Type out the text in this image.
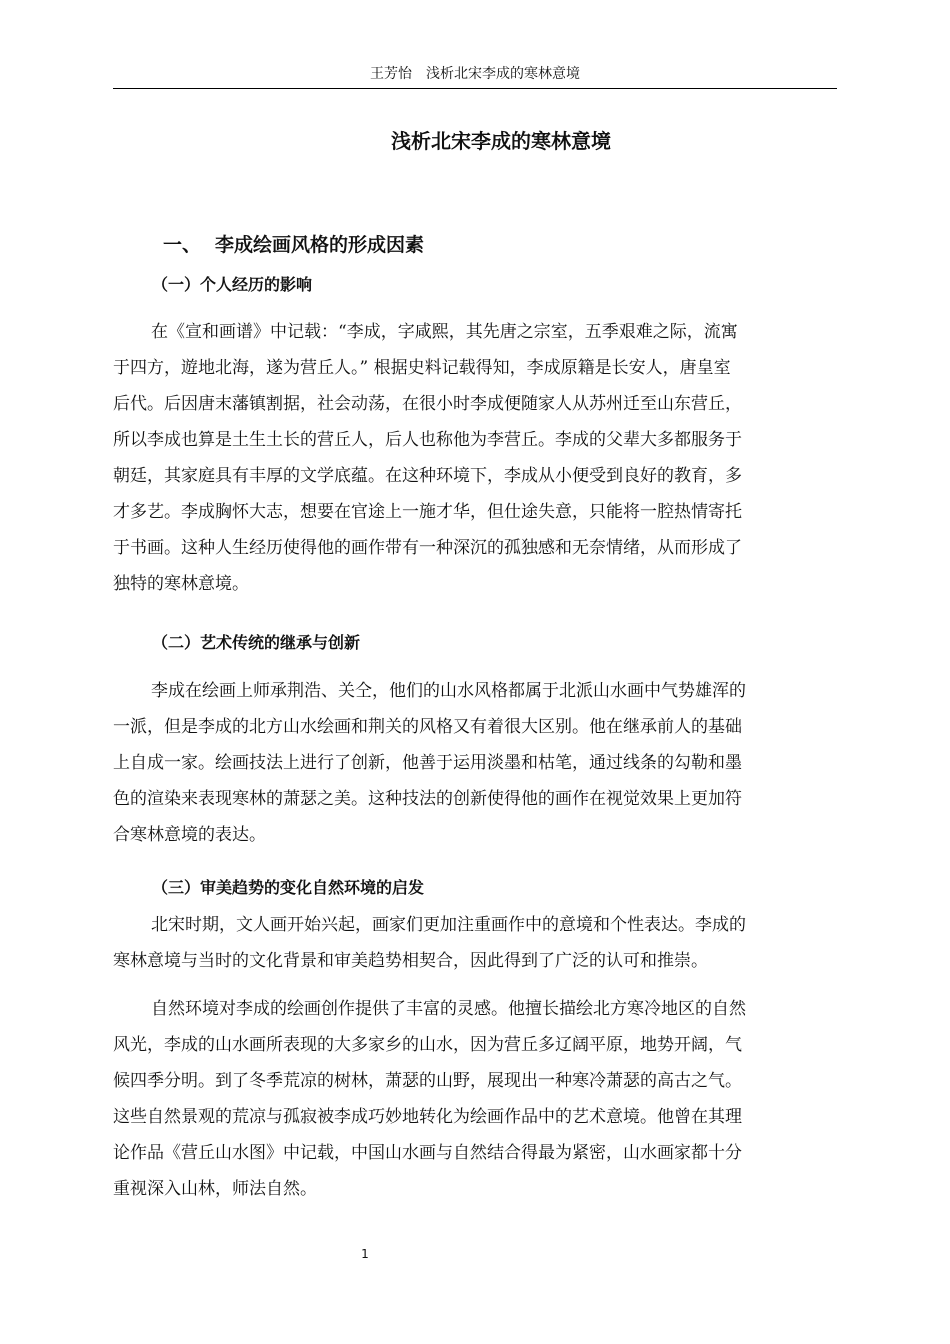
王芳怡 浅析北宋李成的寒林意境
浅析北宋李成的寒林意境
一、 李成绘画风格的形成因素
（一）个人经历的影响
在《宣和画谱》中记载：“李成，字咸熙，其先唐之宗室，五季艰难之际，流寓
于四方，遊地北海，遂为营丘人。” 根据史料记载得知，李成原籍是长安人，唐皇室
后代。后因唐末藩镇割据，社会动荡，在很小时李成便随家人从苏州迁至山东营丘，
所以李成也算是土生土长的营丘人，后人也称他为李营丘。李成的父辈大多都服务于
朝廷，其家庭具有丰厚的文学底蕴。在这种环境下，李成从小便受到良好的教育，多
才多艺。李成胸怀大志，想要在官途上一施才华，但仕途失意，只能将一腔热情寄托
于书画。这种人生经历使得他的画作带有一种深沉的孤独感和无奈情绪，从而形成了
独特的寒林意境。
（二）艺术传统的继承与创新
李成在绘画上师承荆浩、关仝，他们的山水风格都属于北派山水画中气势雄浑的
一派，但是李成的北方山水绘画和荆关的风格又有着很大区别。他在继承前人的基础
上自成一家。绘画技法上进行了创新，他善于运用淡墨和枯笔，通过线条的勾勒和墨
色的渲染来表现寒林的萧瑟之美。这种技法的创新使得他的画作在视觉效果上更加符
合寒林意境的表达。
（三）审美趋势的变化自然环境的启发
北宋时期，文人画开始兴起，画家们更加注重画作中的意境和个性表达。李成的
寒林意境与当时的文化背景和审美趋势相契合，因此得到了广泛的认可和推崇。
自然环境对李成的绘画创作提供了丰富的灵感。他擅长描绘北方寒冷地区的自然
风光，李成的山水画所表现的大多家乡的山水，因为营丘多辽阔平原，地势开阔，气
候四季分明。到了冬季荒凉的树林，萧瑟的山野，展现出一种寒冷萧瑟的高古之气。
这些自然景观的荒凉与孤寂被李成巧妙地转化为绘画作品中的艺术意境。他曾在其理
论作品《营丘山水图》中记载，中国山水画与自然结合得最为紧密，山水画家都十分
重视深入山林，师法自然。
1
